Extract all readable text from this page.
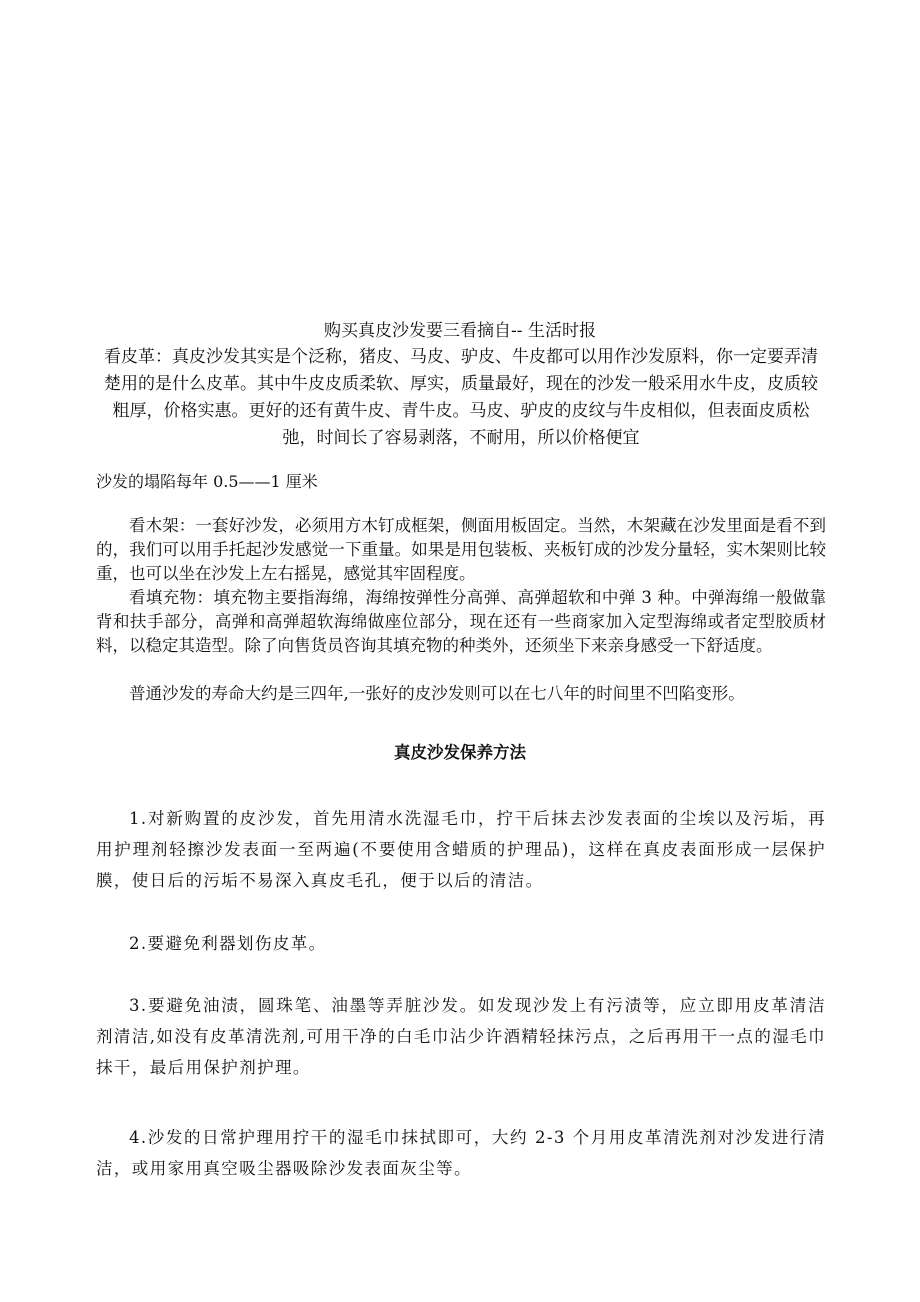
购买真皮沙发要三看摘自-- 生活时报

看皮革：真皮沙发其实是个泛称，猪皮、马皮、驴皮、牛皮都可以用作沙发原料，你一定要弄清楚用的是什么皮革。其中牛皮皮质柔软、厚实，质量最好，现在的沙发一般采用水牛皮，皮质较粗厚，价格实惠。更好的还有黄牛皮、青牛皮。马皮、驴皮的皮纹与牛皮相似，但表面皮质松弛，时间长了容易剥落，不耐用，所以价格便宜

沙发的塌陷每年 0.5——1 厘米

看木架：一套好沙发，必须用方木钉成框架，侧面用板固定。当然，木架藏在沙发里面是看不到的，我们可以用手托起沙发感觉一下重量。如果是用包装板、夹板钉成的沙发分量轻，实木架则比较重，也可以坐在沙发上左右摇晃，感觉其牢固程度。

看填充物：填充物主要指海绵，海绵按弹性分高弹、高弹超软和中弹 3 种。中弹海绵一般做靠背和扶手部分，高弹和高弹超软海绵做座位部分，现在还有一些商家加入定型海绵或者定型胶质材料，以稳定其造型。除了向售货员咨询其填充物的种类外，还须坐下来亲身感受一下舒适度。

普通沙发的寿命大约是三四年,一张好的皮沙发则可以在七八年的时间里不凹陷变形。

真皮沙发保养方法

1.对新购置的皮沙发，首先用清水洗湿毛巾，拧干后抹去沙发表面的尘埃以及污垢，再用护理剂轻擦沙发表面一至两遍(不要使用含蜡质的护理品)，这样在真皮表面形成一层保护膜，使日后的污垢不易深入真皮毛孔，便于以后的清洁。

2.要避免利器划伤皮革。

3.要避免油渍，圆珠笔、油墨等弄脏沙发。如发现沙发上有污渍等，应立即用皮革清洁剂清洁,如没有皮革清洗剂,可用干净的白毛巾沾少许酒精轻抹污点，之后再用干一点的湿毛巾抹干，最后用保护剂护理。

4.沙发的日常护理用拧干的湿毛巾抹拭即可，大约 2-3 个月用皮革清洗剂对沙发进行清洁，或用家用真空吸尘器吸除沙发表面灰尘等。
